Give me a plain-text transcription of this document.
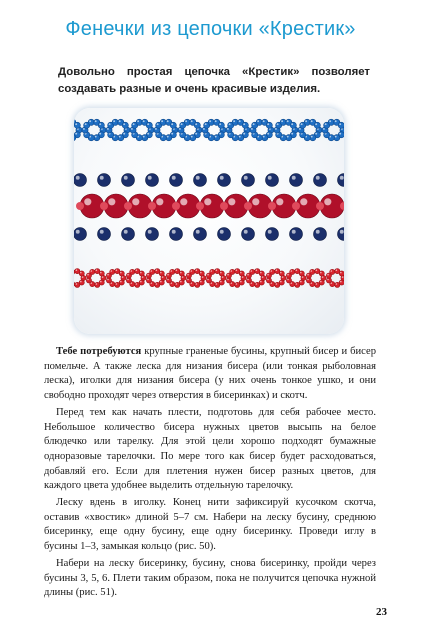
Фенечки из цепочки «Крестик»
Довольно простая цепочка «Крестик» позволяет создавать разные и очень красивые изделия.

Тебе потребуются крупные граненые бусины, крупный бисер и бисер помельче. А также леска для низания бисера (или тонкая рыболовная леска), иголки для низания бисера (у них очень тонкое ушко, и они свободно проходят через отверстия в бисеринках) и скотч.

Перед тем как начать плести, подготовь для себя рабочее место. Небольшое количество бисера нужных цветов высыпь на белое блюдечко или тарелку. Для этой цели хорошо подходят бумажные одноразовые тарелочки. По мере того как бисер будет расходоваться, добавляй его. Если для плетения нужен бисер разных цветов, для каждого цвета удобнее выделить отдельную тарелочку.

Леску вдень в иголку. Конец нити зафиксируй кусочком скотча, оставив «хвостик» длиной 5–7 см. Набери на леску бусину, среднюю бисеринку, еще одну бусину, еще одну бисеринку. Проведи иглу в бусины 1–3, замыкая кольцо (рис. 50).

Набери на леску бисеринку, бусину, снова бисеринку, пройди через бусины 3, 5, 6. Плети таким образом, пока не получится цепочка нужной длины (рис. 51).

23
